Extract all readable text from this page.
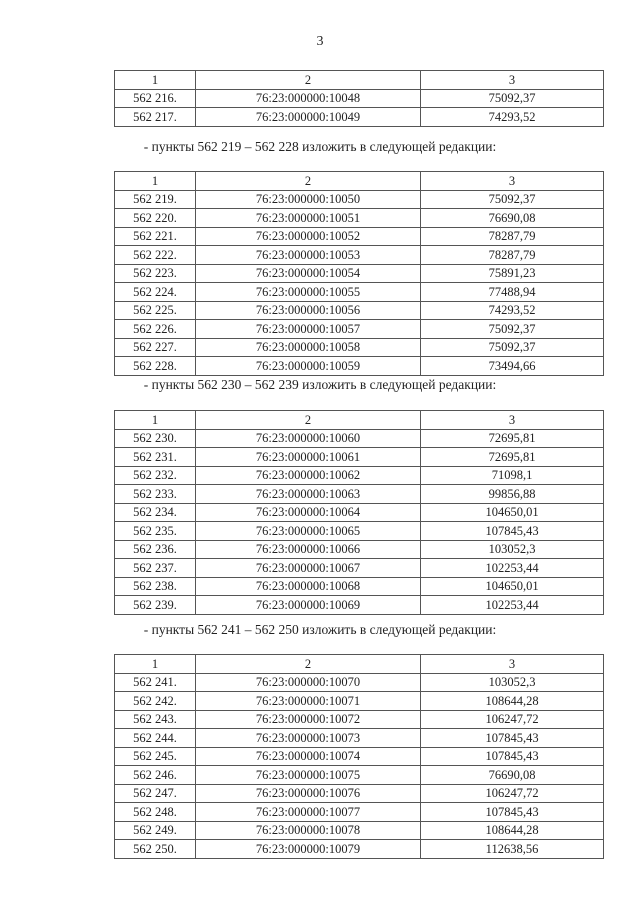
3
1	2	3
562 216.	76:23:000000:10048	75092,37
562 217.	76:23:000000:10049	74293,52
- пункты 562 219 – 562 228 изложить в следующей редакции:
1	2	3
562 219.	76:23:000000:10050	75092,37
562 220.	76:23:000000:10051	76690,08
562 221.	76:23:000000:10052	78287,79
562 222.	76:23:000000:10053	78287,79
562 223.	76:23:000000:10054	75891,23
562 224.	76:23:000000:10055	77488,94
562 225.	76:23:000000:10056	74293,52
562 226.	76:23:000000:10057	75092,37
562 227.	76:23:000000:10058	75092,37
562 228.	76:23:000000:10059	73494,66
- пункты 562 230 – 562 239 изложить в следующей редакции:
1	2	3
562 230.	76:23:000000:10060	72695,81
562 231.	76:23:000000:10061	72695,81
562 232.	76:23:000000:10062	71098,1
562 233.	76:23:000000:10063	99856,88
562 234.	76:23:000000:10064	104650,01
562 235.	76:23:000000:10065	107845,43
562 236.	76:23:000000:10066	103052,3
562 237.	76:23:000000:10067	102253,44
562 238.	76:23:000000:10068	104650,01
562 239.	76:23:000000:10069	102253,44
- пункты 562 241 – 562 250 изложить в следующей редакции:
1	2	3
562 241.	76:23:000000:10070	103052,3
562 242.	76:23:000000:10071	108644,28
562 243.	76:23:000000:10072	106247,72
562 244.	76:23:000000:10073	107845,43
562 245.	76:23:000000:10074	107845,43
562 246.	76:23:000000:10075	76690,08
562 247.	76:23:000000:10076	106247,72
562 248.	76:23:000000:10077	107845,43
562 249.	76:23:000000:10078	108644,28
562 250.	76:23:000000:10079	112638,56
